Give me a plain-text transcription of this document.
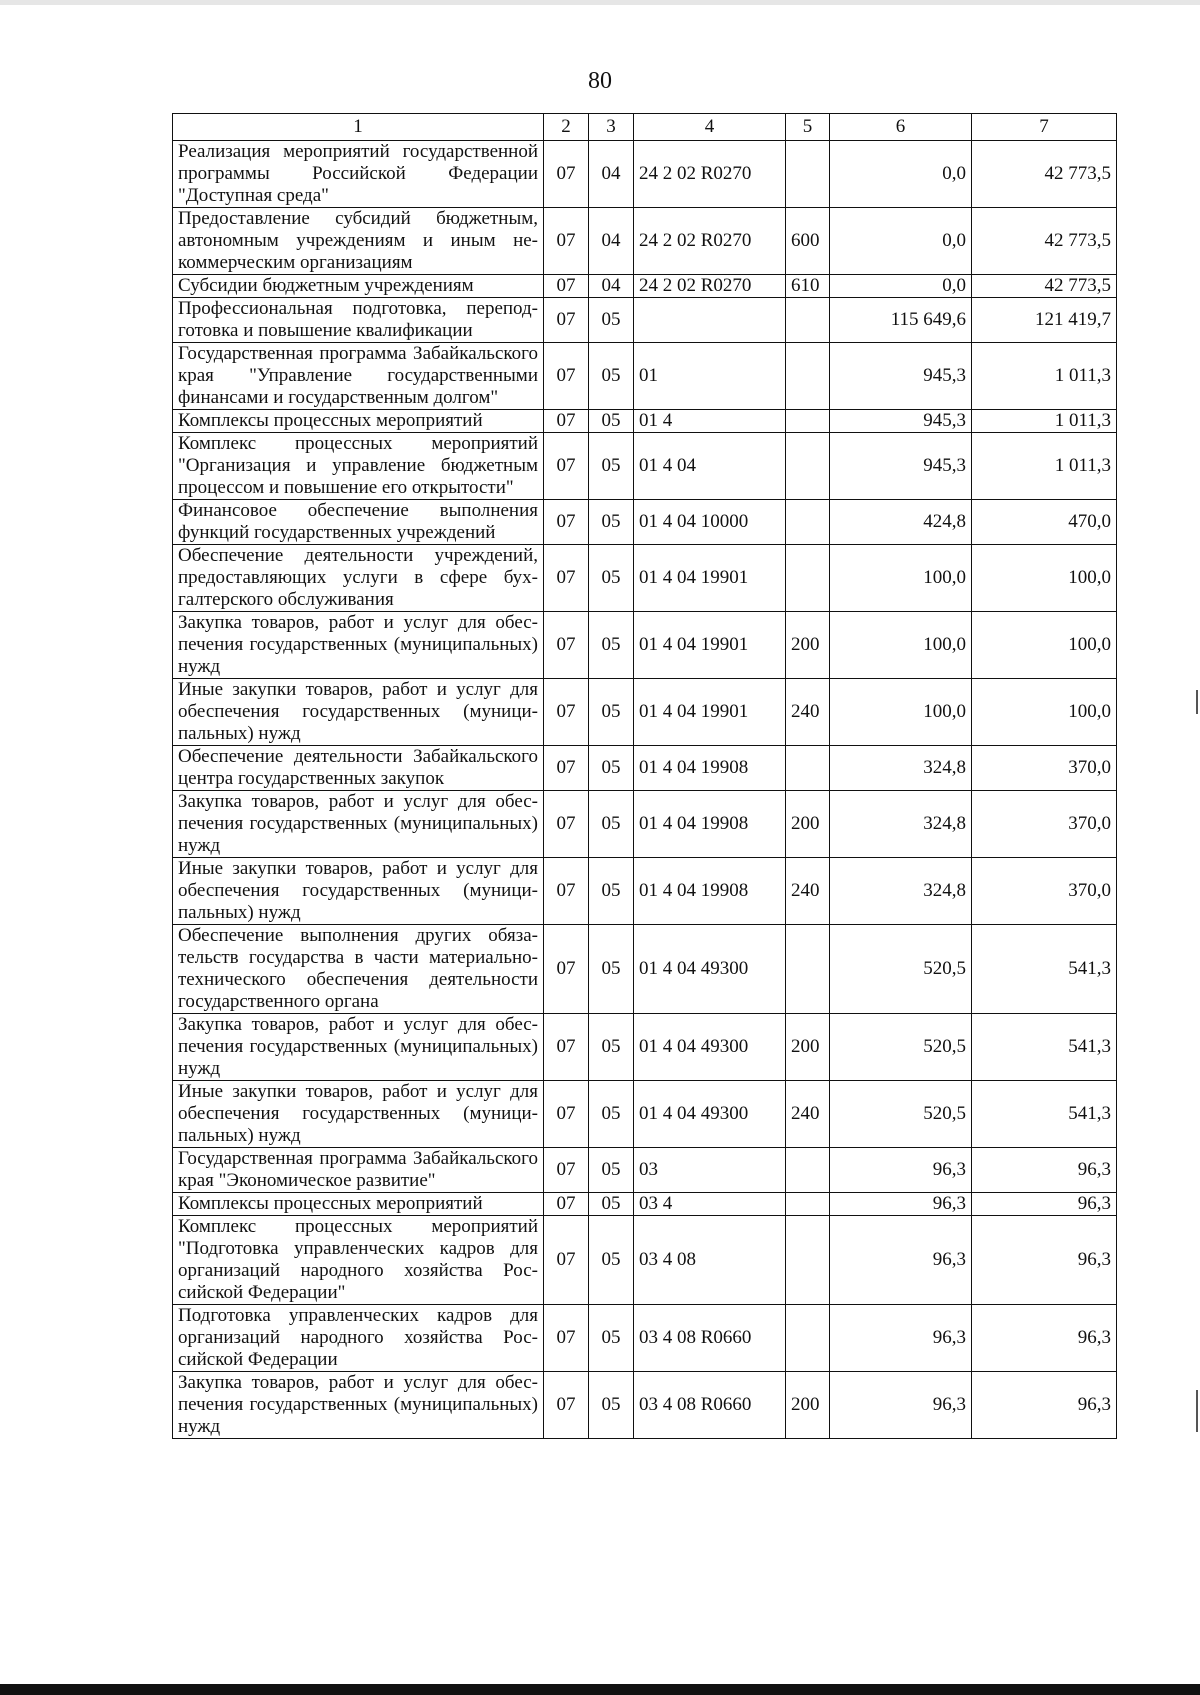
80
1	2	3	4	5	6	7
Реализация мероприятий государственной программы Российской Федерации "Доступная среда"	07	04	24 2 02 R0270		0,0	42 773,5
Предоставление субсидий бюджетным, автономным учреждениям и иным некоммерческим организациям	07	04	24 2 02 R0270	600	0,0	42 773,5
Субсидии бюджетным учреждениям	07	04	24 2 02 R0270	610	0,0	42 773,5
Профессиональная подготовка, переподготовка и повышение квалификации	07	05			115 649,6	121 419,7
Государственная программа Забайкальского края "Управление государственными финансами и государственным долгом"	07	05	01		945,3	1 011,3
Комплексы процессных мероприятий	07	05	01 4		945,3	1 011,3
Комплекс процессных мероприятий "Организация и управление бюджетным процессом и повышение его открытости"	07	05	01 4 04		945,3	1 011,3
Финансовое обеспечение выполнения функций государственных учреждений	07	05	01 4 04 10000		424,8	470,0
Обеспечение деятельности учреждений, предоставляющих услуги в сфере бухгалтерского обслуживания	07	05	01 4 04 19901		100,0	100,0
Закупка товаров, работ и услуг для обеспечения государственных (муниципальных) нужд	07	05	01 4 04 19901	200	100,0	100,0
Иные закупки товаров, работ и услуг для обеспечения государственных (муниципальных) нужд	07	05	01 4 04 19901	240	100,0	100,0
Обеспечение деятельности Забайкальского центра государственных закупок	07	05	01 4 04 19908		324,8	370,0
Закупка товаров, работ и услуг для обеспечения государственных (муниципальных) нужд	07	05	01 4 04 19908	200	324,8	370,0
Иные закупки товаров, работ и услуг для обеспечения государственных (муниципальных) нужд	07	05	01 4 04 19908	240	324,8	370,0
Обеспечение выполнения других обязательств государства в части материально-технического обеспечения деятельности государственного органа	07	05	01 4 04 49300		520,5	541,3
Закупка товаров, работ и услуг для обеспечения государственных (муниципальных) нужд	07	05	01 4 04 49300	200	520,5	541,3
Иные закупки товаров, работ и услуг для обеспечения государственных (муниципальных) нужд	07	05	01 4 04 49300	240	520,5	541,3
Государственная программа Забайкальского края "Экономическое развитие"	07	05	03		96,3	96,3
Комплексы процессных мероприятий	07	05	03 4		96,3	96,3
Комплекс процессных мероприятий "Подготовка управленческих кадров для организаций народного хозяйства Российской Федерации"	07	05	03 4 08		96,3	96,3
Подготовка управленческих кадров для организаций народного хозяйства Российской Федерации	07	05	03 4 08 R0660		96,3	96,3
Закупка товаров, работ и услуг для обеспечения государственных (муниципальных) нужд	07	05	03 4 08 R0660	200	96,3	96,3
